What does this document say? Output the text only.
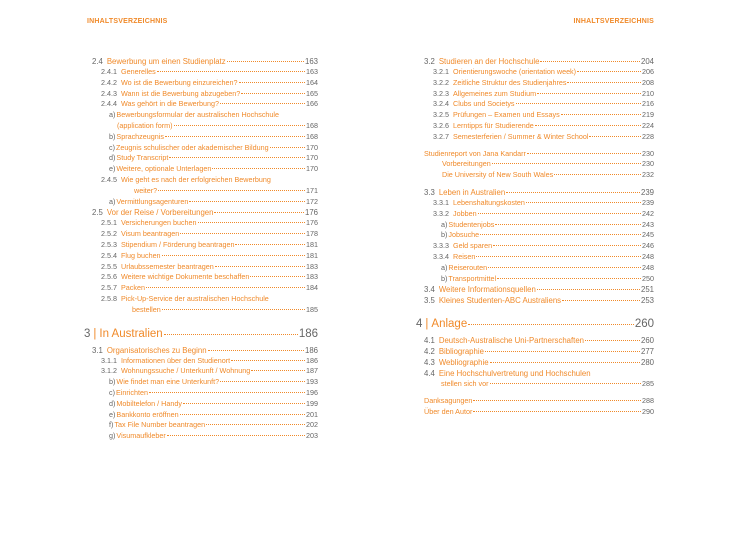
INHALTSVERZEICHNIS
2.4 Bewerbung um einen Studienplatz	163
2.4.1 Generelles	163
2.4.2 Wo ist die Bewerbung einzureichen?	164
2.4.3 Wann ist die Bewerbung abzugeben?	165
2.4.4 Was gehört in die Bewerbung?	166
a) Bewerbungsformular der australischen Hochschule
(application form)	168
b) Sprachzeugnis	168
c) Zeugnis schulischer oder akademischer Bildung	170
d) Study Transcript	170
e) Weitere, optionale Unterlagen	170
2.4.5 Wie geht es nach der erfolgreichen Bewerbung
weiter?	171
a) Vermittlungsagenturen	172
2.5 Vor der Reise / Vorbereitungen	176
2.5.1 Versicherungen buchen	176
2.5.2 Visum beantragen	178
2.5.3 Stipendium / Förderung beantragen	181
2.5.4 Flug buchen	181
2.5.5 Urlaubssemester beantragen	183
2.5.6 Weitere wichtige Dokumente beschaffen	183
2.5.7 Packen	184
2.5.8 Pick-Up-Service der australischen Hochschule
bestellen	185
3 | In Australien	186
3.1 Organisatorisches zu Beginn	186
3.1.1 Informationen über den Studienort	186
3.1.2 Wohnungssuche / Unterkunft / Wohnung	187
b) Wie findet man eine Unterkunft?	193
c) Einrichten	196
d) Mobiltelefon / Handy	199
e) Bankkonto eröffnen	201
f) Tax File Number beantragen	202
g) Visumaufkleber	203
INHALTSVERZEICHNIS
3.2 Studieren an der Hochschule	204
3.2.1 Orientierungswoche (orientation week)	206
3.2.2 Zeitliche Struktur des Studienjahres	208
3.2.3 Allgemeines zum Studium	210
3.2.4 Clubs und Societys	216
3.2.5 Prüfungen – Examen und Essays	219
3.2.6 Lerntipps für Studierende	224
3.2.7 Semesterferien / Summer & Winter School	228
Studienreport von Jana Kandarr	230
Vorbereitungen	230
Die University of New South Wales	232
3.3 Leben in Australien	239
3.3.1 Lebenshaltungskosten	239
3.3.2 Jobben	242
a) Studentenjobs	243
b) Jobsuche	245
3.3.3 Geld sparen	246
3.3.4 Reisen	248
a) Reiserouten	248
b) Transportmittel	250
3.4 Weitere Informationsquellen	251
3.5 Kleines Studenten-ABC Australiens	253
4 | Anlage	260
4.1 Deutsch-Australische Uni-Partnerschaften	260
4.2 Bibliographie	277
4.3 Webliographie	280
4.4 Eine Hochschulvertretung und Hochschulen
stellen sich vor	285
Danksagungen	288
Über den Autor	290
